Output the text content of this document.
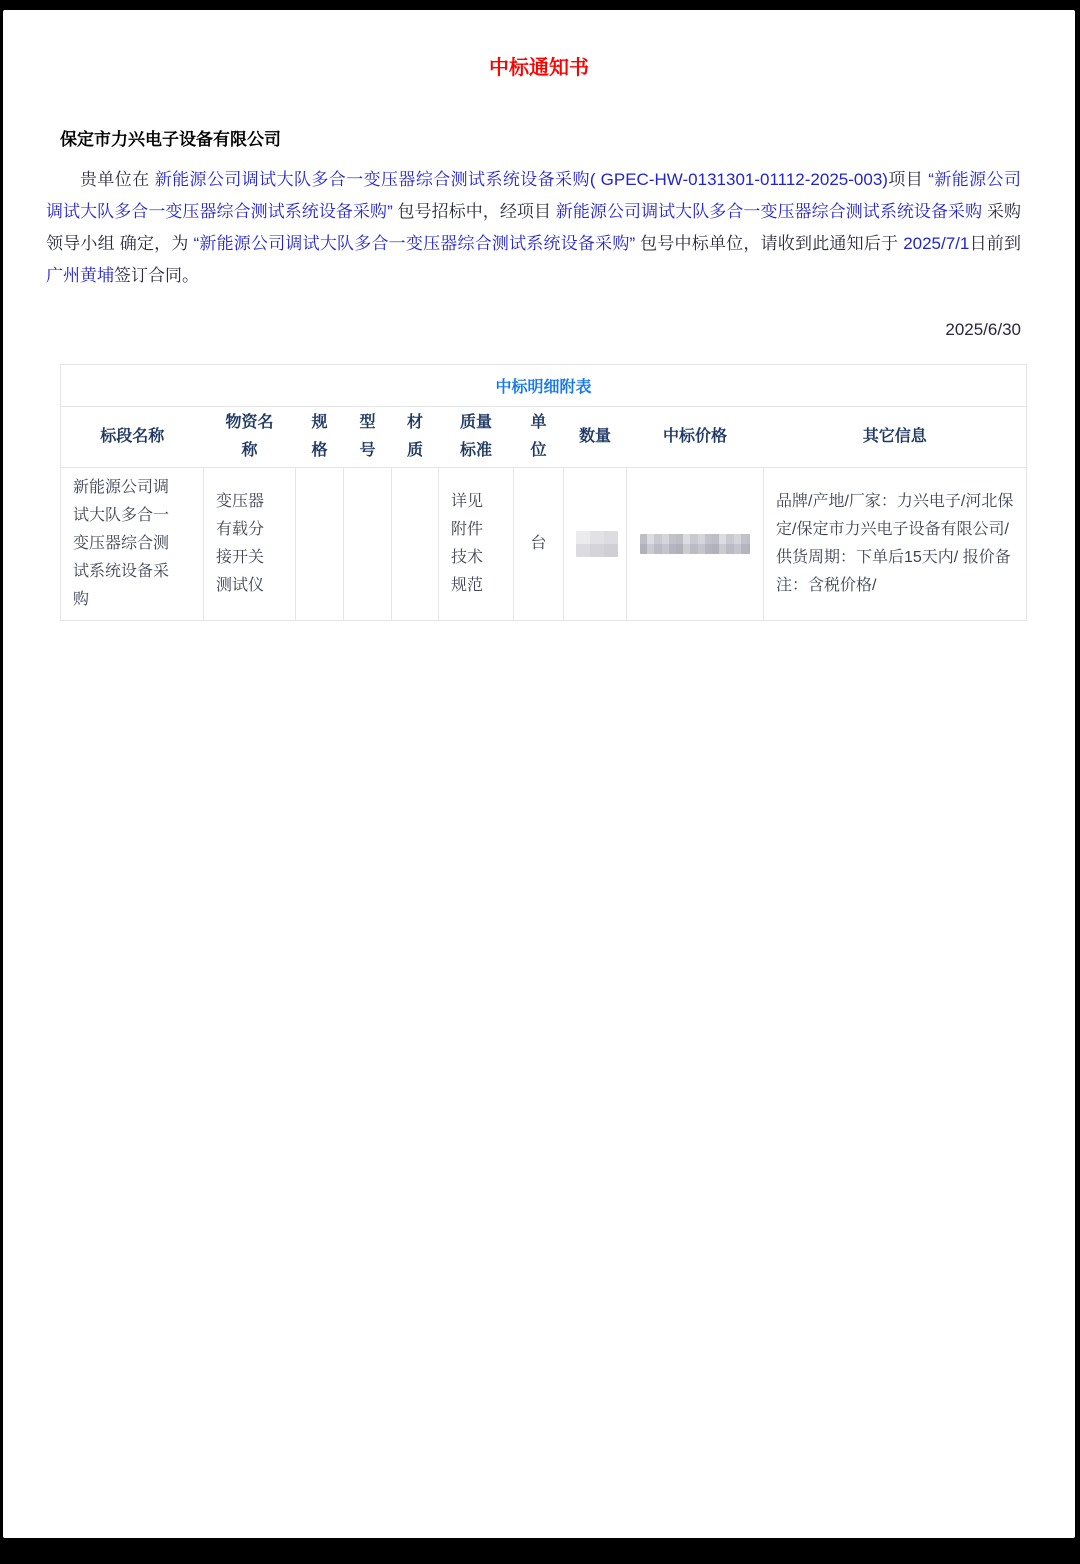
中标通知书
保定市力兴电子设备有限公司

贵单位在 新能源公司调试大队多合一变压器综合测试系统设备采购( GPEC-HW-0131301-01112-2025-003)项目 “新能源公司调试大队多合一变压器综合测试系统设备采购” 包号招标中，经项目 新能源公司调试大队多合一变压器综合测试系统设备采购 采购领导小组 确定，为 “新能源公司调试大队多合一变压器综合测试系统设备采购” 包号中标单位，请收到此通知后于 2025/7/1日前到 广州黄埔签订合同。

2025/6/30
中标明细附表									
标段名称	物资名称	规格	型号	材质	质量标准	单位	数量	中标价格	其它信息
新能源公司调试大队多合一变压器综合测试系统设备采购	变压器有载分接开关测试仪				详见附件技术规范	台			品牌/产地/厂家：力兴电子/河北保定/保定市力兴电子设备有限公司/ 供货周期：下单后15天内/ 报价备注：含税价格/
